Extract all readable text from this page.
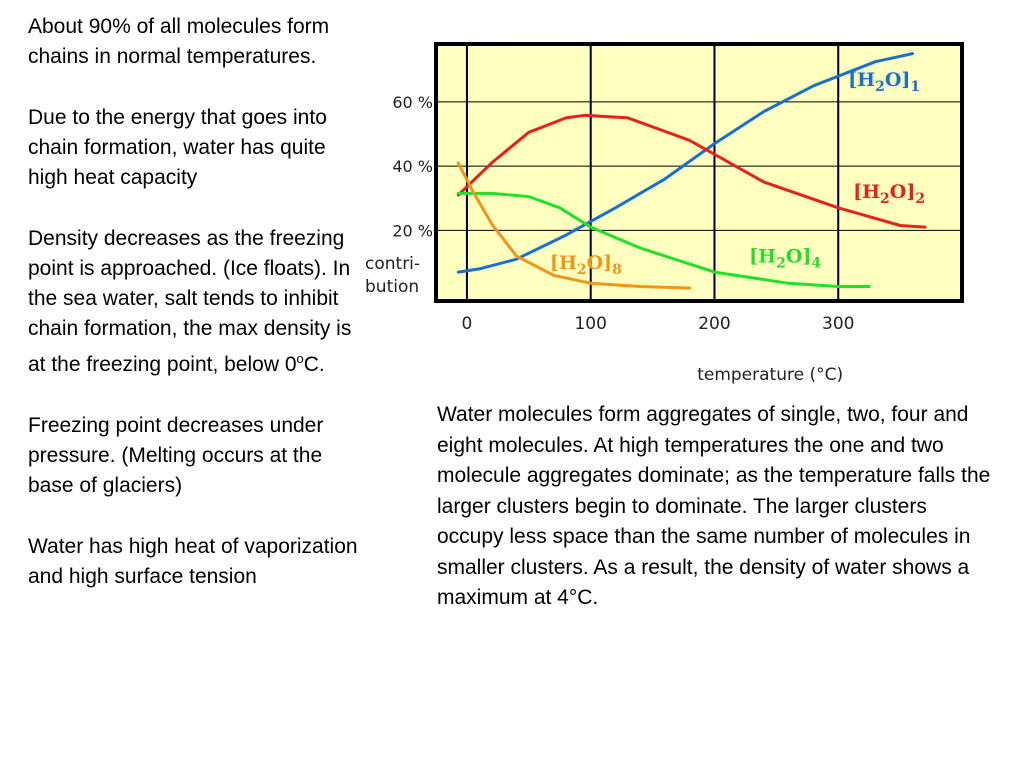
About 90% of all molecules form chains in normal temperatures.

Due to the energy that goes into chain formation, water has quite high heat capacity

Density decreases as the freezing point is approached. (Ice floats). In the sea water, salt tends to inhibit chain formation, the max density is at the freezing point, below 0$^o$C.

Freezing point decreases under pressure. (Melting occurs at the base of glaciers)

Water has high heat of vaporization and high surface tension

0	100	200	300
20 %
40 %
60 %
contri-
bution
temperature (°C)
[H2O]1
[H2O]2
[H2O]4
[H2O]8

Water molecules form aggregates of single, two, four and eight molecules. At high temperatures the one and two molecule aggregates dominate; as the temperature falls the larger clusters begin to dominate. The larger clusters occupy less space than the same number of molecules in smaller clusters. As a result, the density of water shows a maximum at 4°C.
